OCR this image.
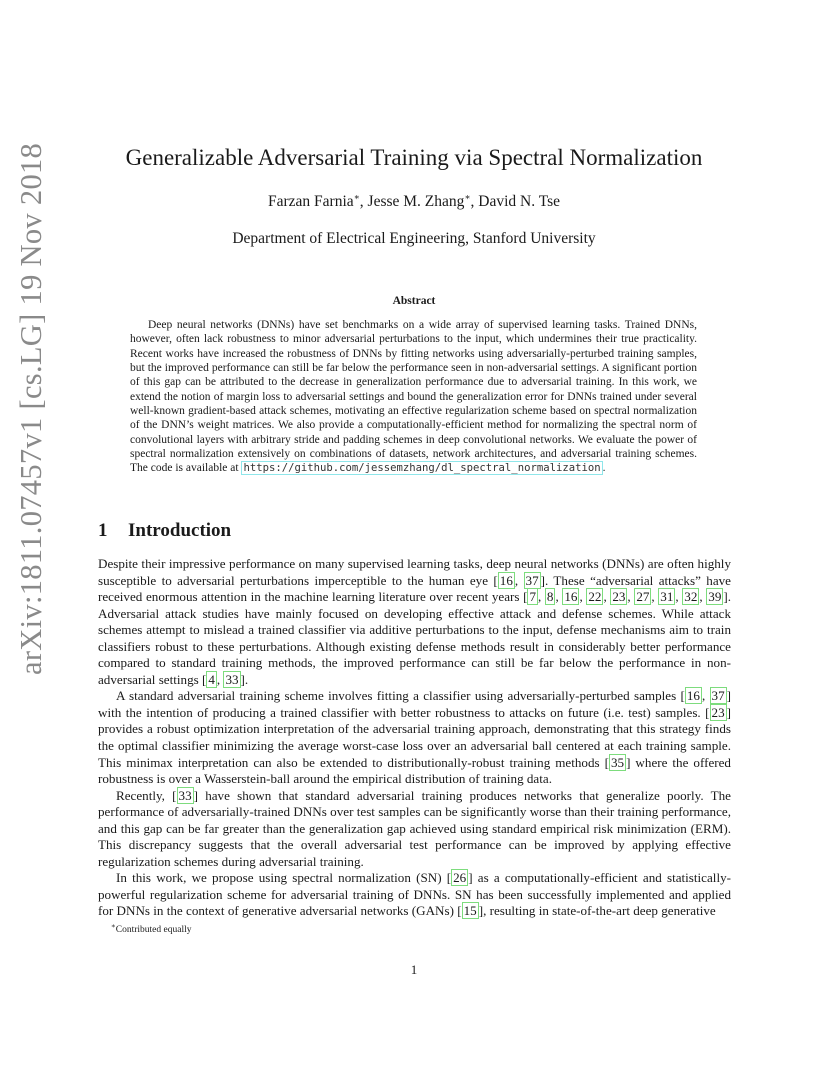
arXiv:1811.07457v1 [cs.LG] 19 Nov 2018	Generalizable Adversarial Training via Spectral Normalization
Farzan Farnia∗, Jesse M. Zhang∗, David N. Tse
Department of Electrical Engineering, Stanford University
Abstract
Deep neural networks (DNNs) have set benchmarks on a wide array of supervised learning tasks. Trained DNNs, however, often lack robustness to minor adversarial perturbations to the input, which undermines their true practicality. Recent works have increased the robustness of DNNs by fitting networks using adversarially-perturbed training samples, but the improved performance can still be far below the performance seen in non-adversarial settings. A significant portion of this gap can be attributed to the decrease in generalization performance due to adversarial training. In this work, we extend the notion of margin loss to adversarial settings and bound the generalization error for DNNs trained under several well-known gradient-based attack schemes, motivating an effective regularization scheme based on spectral normalization of the DNN’s weight matrices. We also provide a computationally-efficient method for normalizing the spectral norm of convolutional layers with arbitrary stride and padding schemes in deep convolutional networks. We evaluate the power of spectral normalization extensively on combinations of datasets, network architectures, and adversarial training schemes. The code is available at https://github.com/jessemzhang/dl_spectral_normalization .
1 Introduction

Despite their impressive performance on many supervised learning tasks, deep neural networks (DNNs) are often highly susceptible to adversarial perturbations imperceptible to the human eye [ 16 , 37 ]. These “adversarial attacks” have received enormous attention in the machine learning literature over recent years [ 7 , 8 , 16 , 22 , 23 , 27 , 31 , 32 , 39 ]. Adversarial attack studies have mainly focused on developing effective attack and defense schemes. While attack schemes attempt to mislead a trained classifier via additive perturbations to the input, defense mechanisms aim to train classifiers robust to these perturbations. Although existing defense methods result in considerably better performance compared to standard training methods, the improved performance can still be far below the performance in non-adversarial settings [ 4 , 33 ].

A standard adversarial training scheme involves fitting a classifier using adversarially-perturbed samples [ 16 , 37 ] with the intention of producing a trained classifier with better robustness to attacks on future (i.e. test) samples. [ 23 ] provides a robust optimization interpretation of the adversarial training approach, demonstrating that this strategy finds the optimal classifier minimizing the average worst-case loss over an adversarial ball centered at each training sample. This minimax interpretation can also be extended to distributionally-robust training methods [ 35 ] where the offered robustness is over a Wasserstein-ball around the empirical distribution of training data.

Recently, [ 33 ] have shown that standard adversarial training produces networks that generalize poorly. The performance of adversarially-trained DNNs over test samples can be significantly worse than their training performance, and this gap can be far greater than the generalization gap achieved using standard empirical risk minimization (ERM). This discrepancy suggests that the overall adversarial test performance can be improved by applying effective regularization schemes during adversarial training.

In this work, we propose using spectral normalization (SN) [ 26 ] as a computationally-efficient and statistically-powerful regularization scheme for adversarial training of DNNs. SN has been successfully implemented and applied for DNNs in the context of generative adversarial networks (GANs) [ 15 ], resulting in state-of-the-art deep generative

∗Contributed equally
1
